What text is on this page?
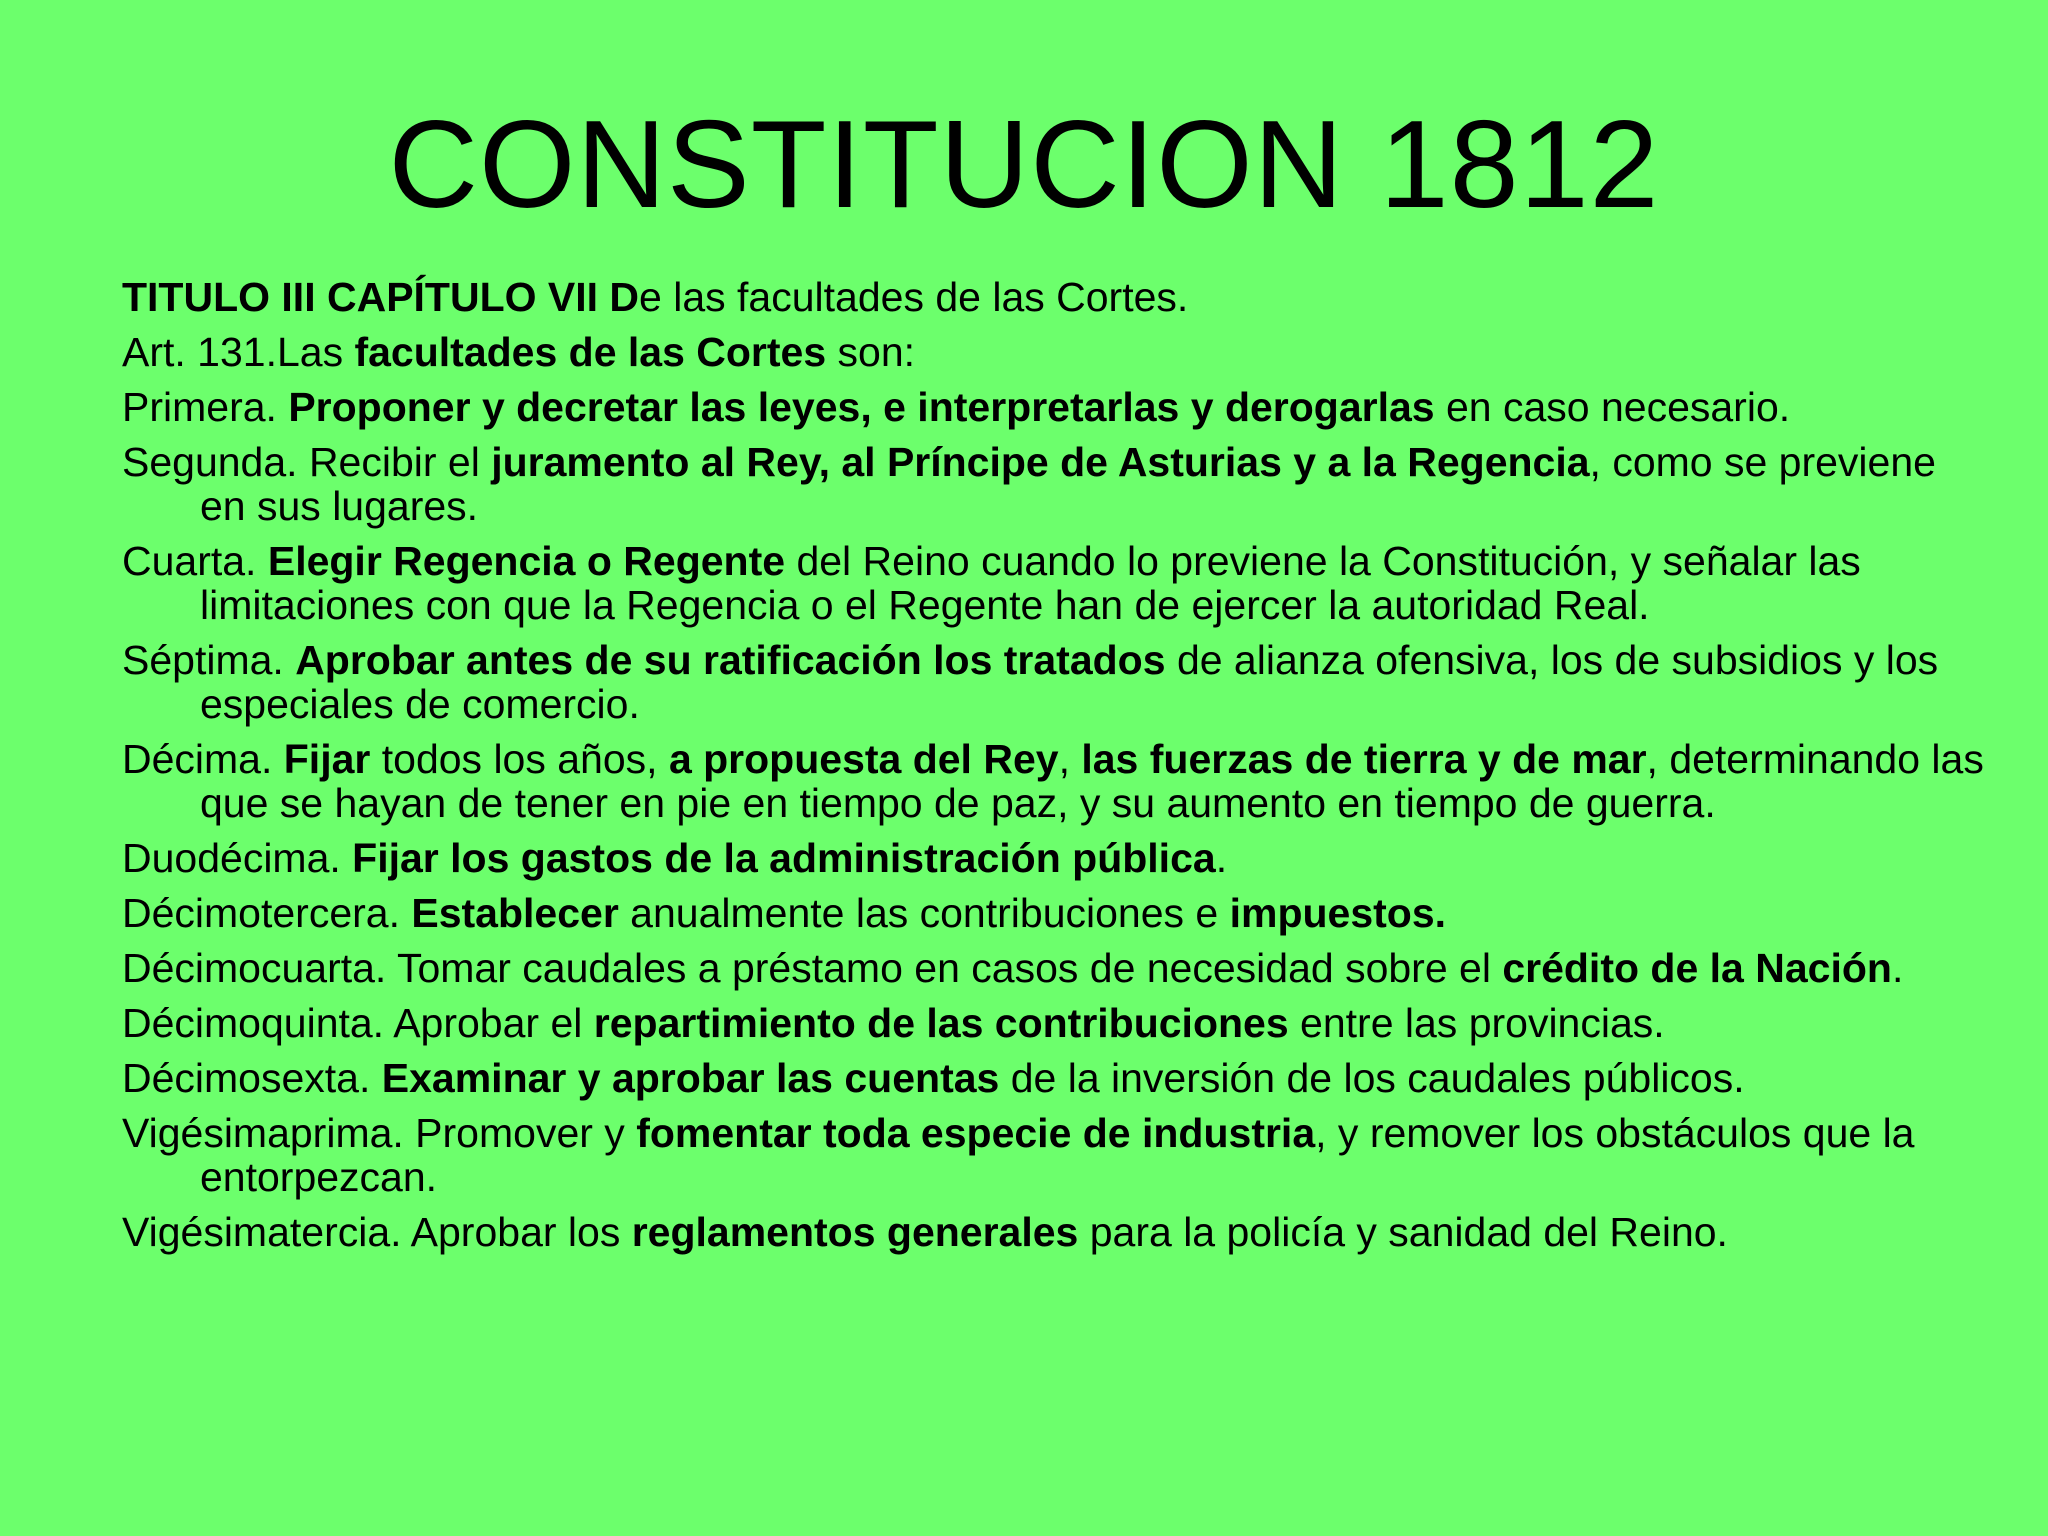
CONSTITUCION 1812

TITULO III CAPÍTULO VII De las facultades de las Cortes.

Art. 131.Las facultades de las Cortes son:

Primera. Proponer y decretar las leyes, e interpretarlas y derogarlas en caso necesario.

Segunda. Recibir el juramento al Rey, al Príncipe de Asturias y a la Regencia, como se previene en sus lugares.

Cuarta. Elegir Regencia o Regente del Reino cuando lo previene la Constitución, y señalar las limitaciones con que la Regencia o el Regente han de ejercer la autoridad Real.

Séptima. Aprobar antes de su ratificación los tratados de alianza ofensiva, los de subsidios y los especiales de comercio.

Décima. Fijar todos los años, a propuesta del Rey, las fuerzas de tierra y de mar, determinando las que se hayan de tener en pie en tiempo de paz, y su aumento en tiempo de guerra.

Duodécima. Fijar los gastos de la administración pública.

Décimotercera. Establecer anualmente las contribuciones e impuestos.

Décimocuarta. Tomar caudales a préstamo en casos de necesidad sobre el crédito de la Nación.

Décimoquinta. Aprobar el repartimiento de las contribuciones entre las provincias.

Décimosexta. Examinar y aprobar las cuentas de la inversión de los caudales públicos.

Vigésimaprima. Promover y fomentar toda especie de industria, y remover los obstáculos que la entorpezcan.

Vigésimatercia. Aprobar los reglamentos generales para la policía y sanidad del Reino.
